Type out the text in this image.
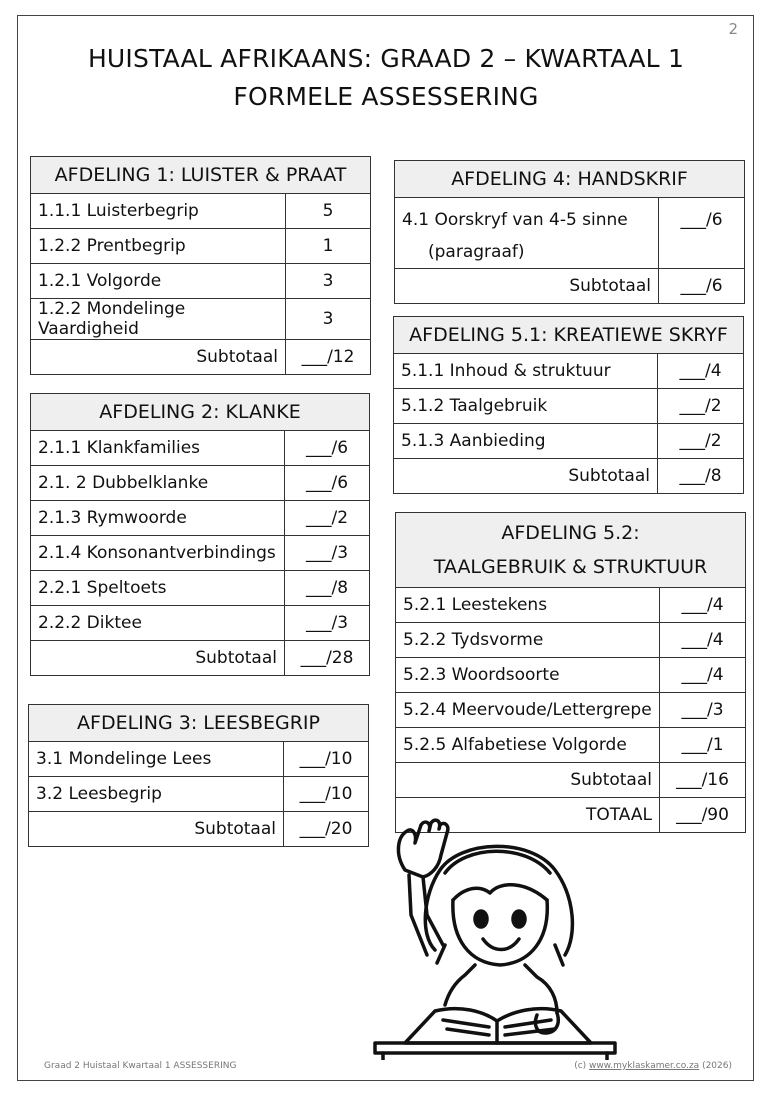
2
HUISTAAL AFRIKAANS: GRAAD 2 – KWARTAAL 1
FORMELE ASSESSERING
AFDELING 1: LUISTER & PRAAT	
1.1.1 Luisterbegrip	5
1.2.2 Prentbegrip	1
1.2.1 Volgorde	3
1.2.2 Mondelinge Vaardigheid	3
Subtotaal	___/12
AFDELING 2: KLANKE	
2.1.1 Klankfamilies	___/6
2.1. 2 Dubbelklanke	___/6
2.1.3 Rymwoorde	___/2
2.1.4 Konsonantverbindings	___/3
2.2.1 Speltoets	___/8
2.2.2 Diktee	___/3
Subtotaal	___/28
AFDELING 3: LEESBEGRIP	
3.1 Mondelinge Lees	___/10
3.2 Leesbegrip	___/10
Subtotaal	___/20
AFDELING 4: HANDSKRIF	

4.1 Oorskryf van 4-5 sinne
(paragraaf)	___/6
Subtotaal	___/6
AFDELING 5.1: KREATIEWE SKRYF	
5.1.1 Inhoud & struktuur	___/4
5.1.2 Taalgebruik	___/2
5.1.3 Aanbieding	___/2
Subtotaal	___/8
AFDELING 5.2:
TAALGEBRUIK & STRUKTUUR	

5.2.1 Leestekens	___/4
5.2.2 Tydsvorme	___/4
5.2.3 Woordsoorte	___/4
5.2.4 Meervoude/Lettergrepe	___/3
5.2.5 Alfabetiese Volgorde	___/1
Subtotaal	___/16
TOTAAL	___/90
Graad 2 Huistaal Kwartaal 1 ASSESSERING	(c) www.myklaskamer.co.za (2026)
